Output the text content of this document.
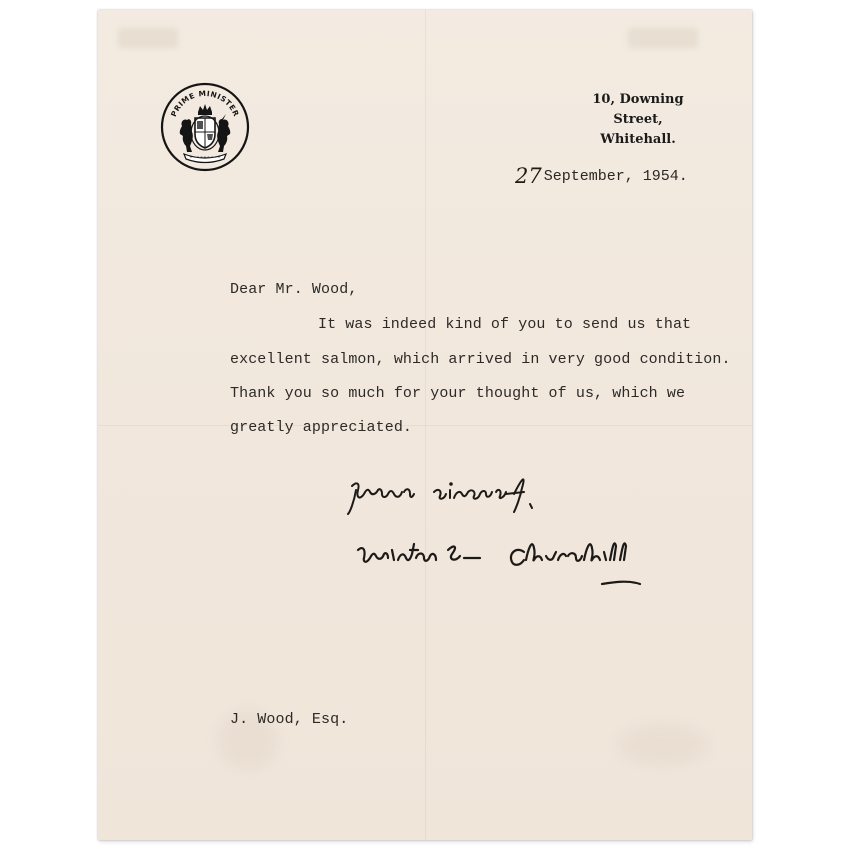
PRIME MINISTER
10, Downing Street,
Whitehall.
27 September, 1954.
Dear Mr. Wood,
It was indeed kind of you to send us that
excellent salmon, which arrived in very good condition.
Thank you so much for your thought of us, which we
greatly appreciated.
J. Wood, Esq.
